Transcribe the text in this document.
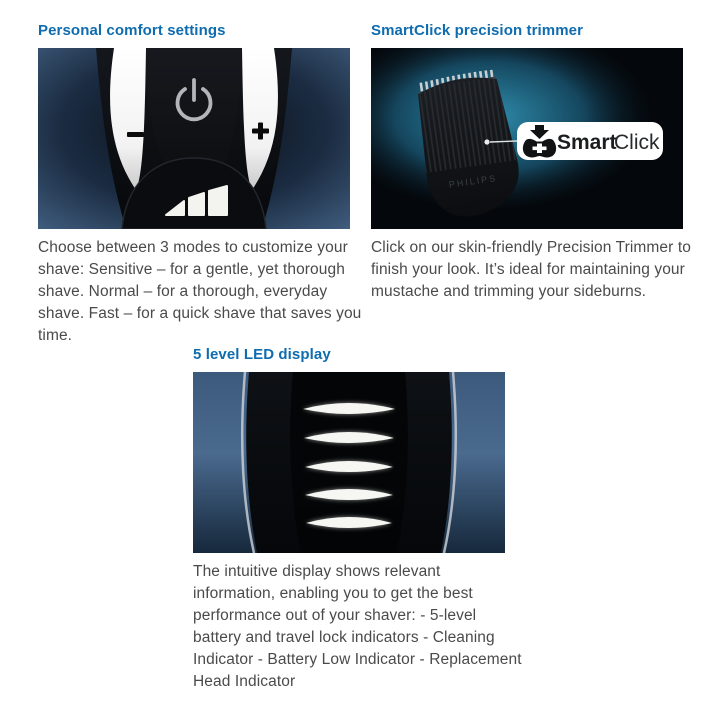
Personal comfort settings

Choose between 3 modes to customize your shave: Sensitive – for a gentle, yet thorough shave. Normal – for a thorough, everyday shave. Fast – for a quick shave that saves you time.

SmartClick precision trimmer
PHILIPS
Smart
Click

Click on our skin-friendly Precision Trimmer to finish your look. It’s ideal for maintaining your mustache and trimming your sideburns.

5 level LED display

The intuitive display shows relevant information, enabling you to get the best performance out of your shaver: - 5-level battery and travel lock indicators - Cleaning Indicator - Battery Low Indicator - Replacement Head Indicator
